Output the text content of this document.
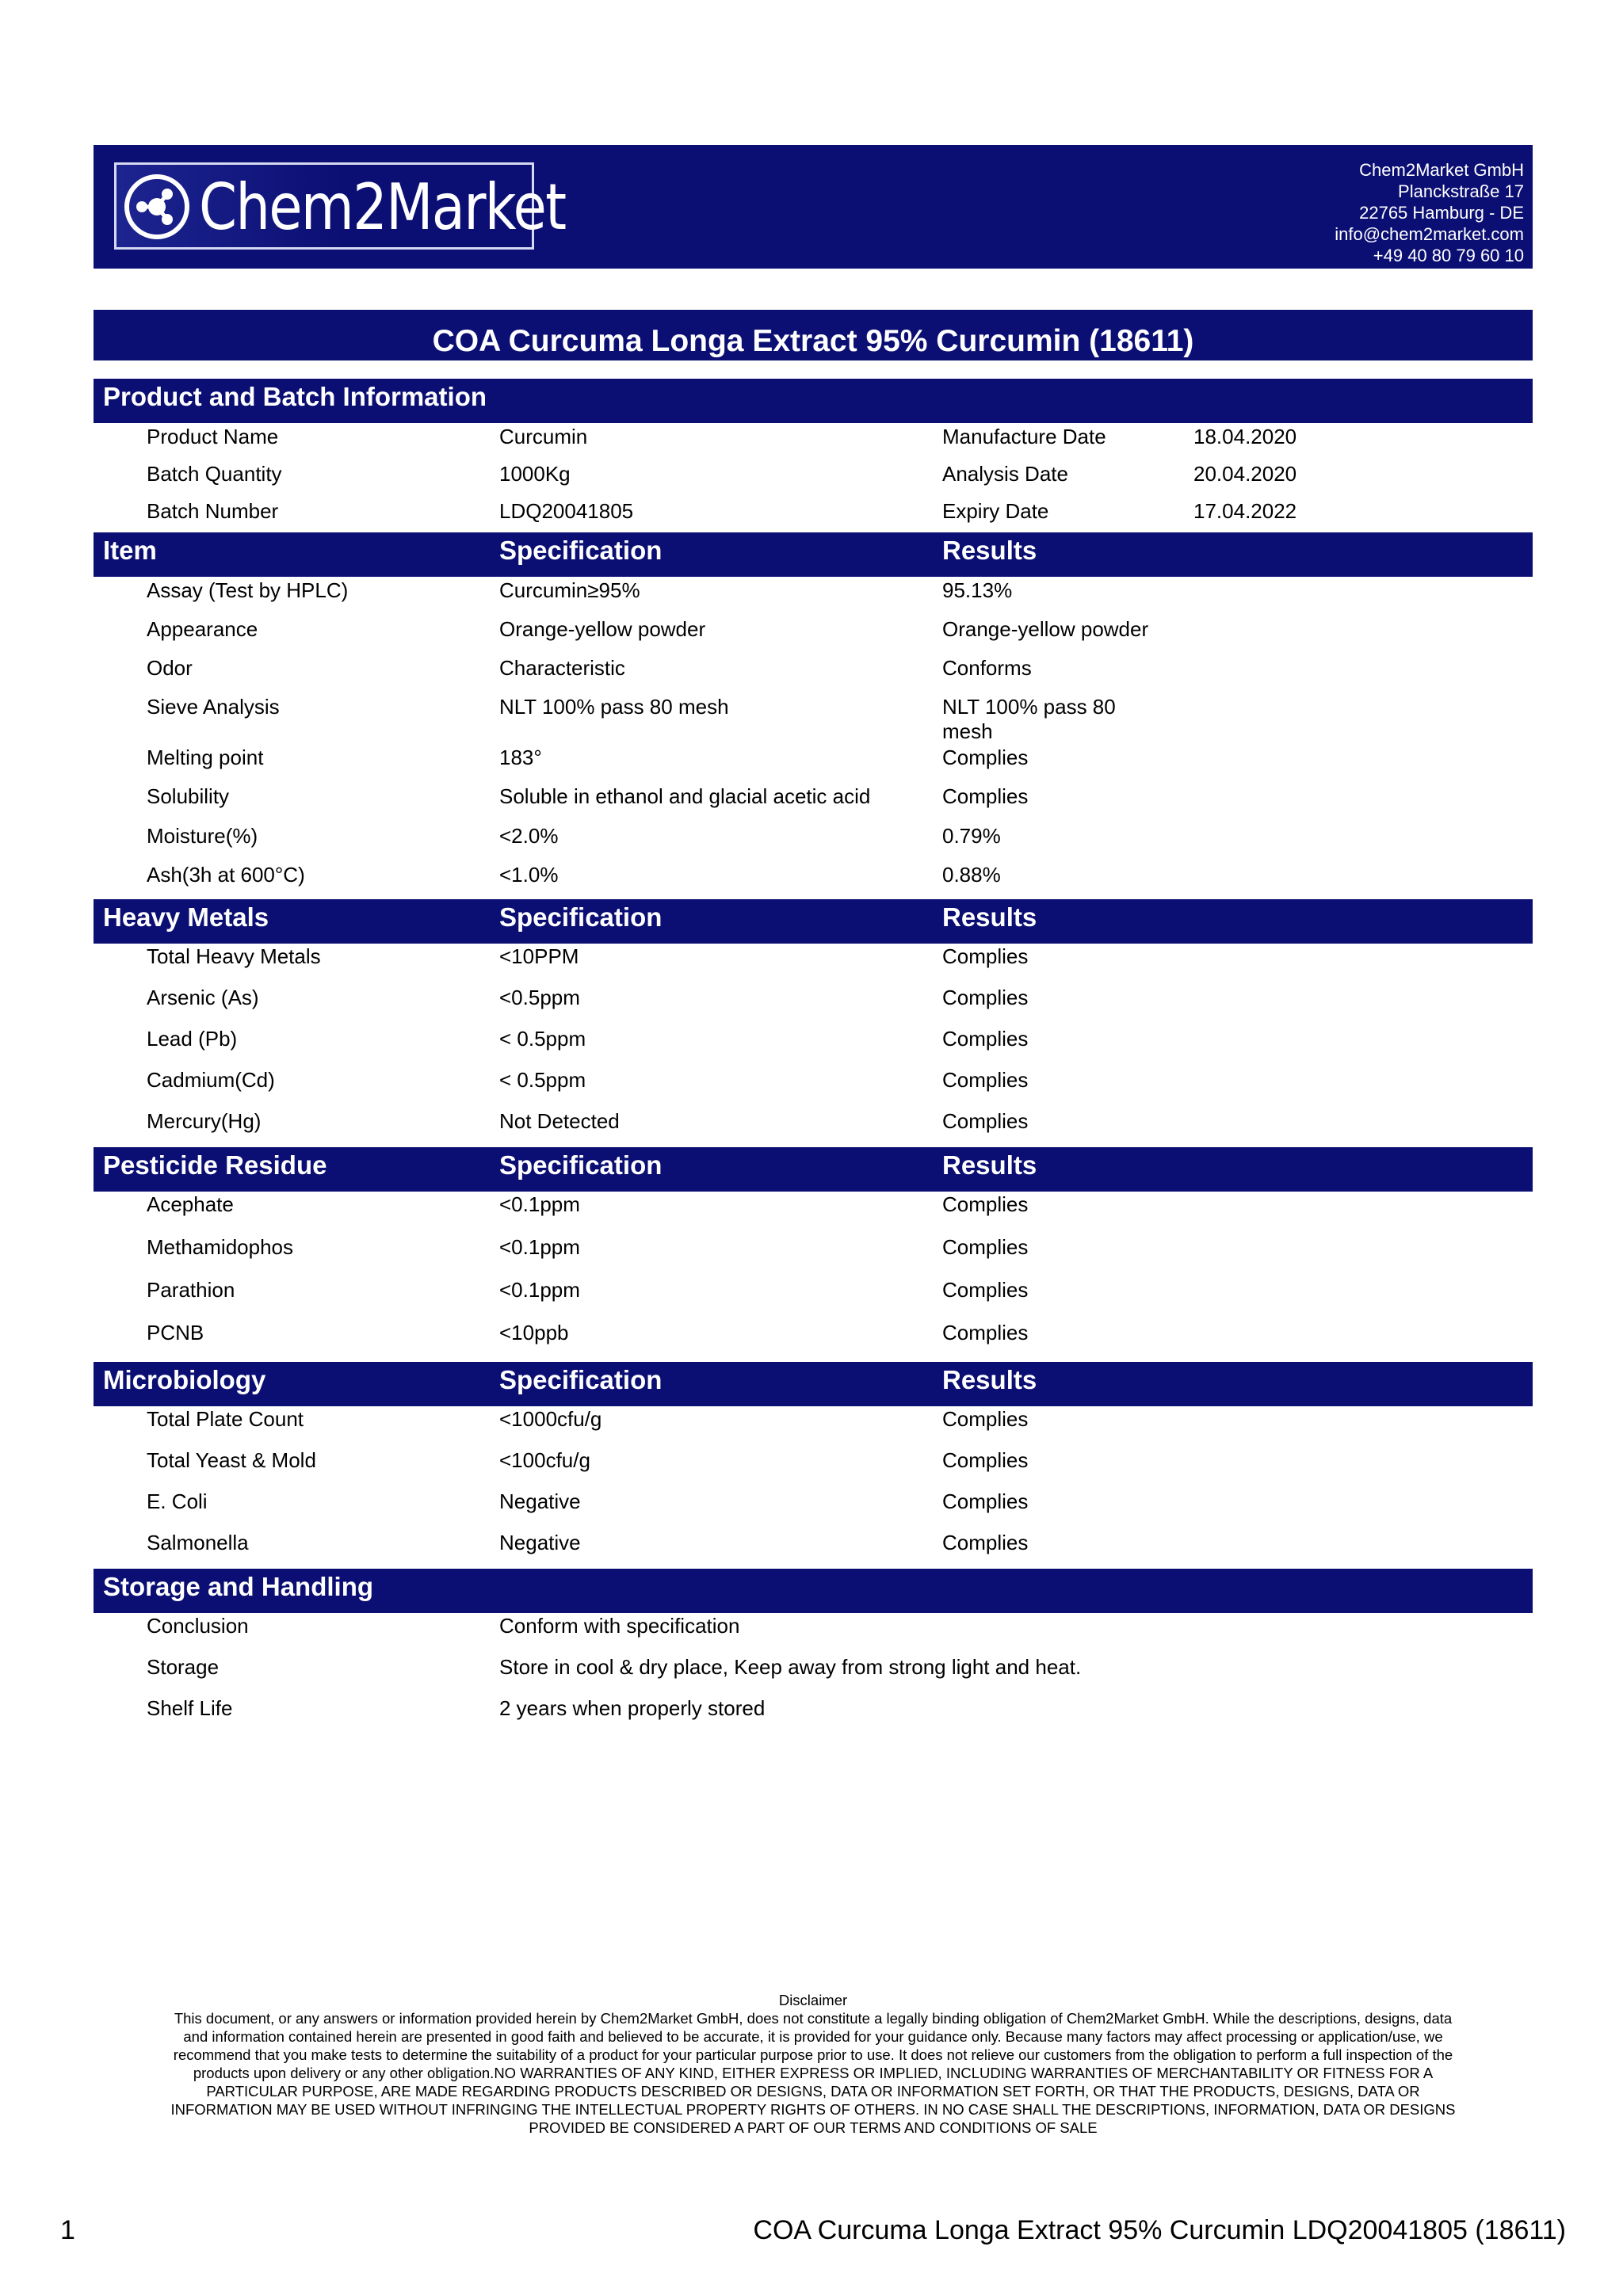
Chem2Market
Chem2Market GmbH
Planckstraße 17
22765 Hamburg - DE
info@chem2market.com
+49 40 80 79 60 10
COA Curcuma Longa Extract 95% Curcumin (18611)
Product and Batch Information
Product Name	Curcumin	Manufacture Date	18.04.2020
Batch Quantity	1000Kg	Analysis Date	20.04.2020
Batch Number	LDQ20041805	Expiry Date	17.04.2022
Item	Specification	Results
Assay (Test by HPLC)	Curcumin≥95%	95.13%
Appearance	Orange-yellow powder	Orange-yellow powder
Odor	Characteristic	Conforms
Sieve Analysis	NLT 100% pass 80 mesh	NLT 100% pass 80 mesh
Melting point	183°	Complies
Solubility	Soluble in ethanol and glacial acetic acid	Complies
Moisture(%)	<2.0%	0.79%
Ash(3h at 600°C)	<1.0%	0.88%
Heavy Metals	Specification	Results
Total Heavy Metals	<10PPM	Complies
Arsenic (As)	<0.5ppm	Complies
Lead (Pb)	< 0.5ppm	Complies
Cadmium(Cd)	< 0.5ppm	Complies
Mercury(Hg)	Not Detected	Complies
Pesticide Residue	Specification	Results
Acephate	<0.1ppm	Complies
Methamidophos	<0.1ppm	Complies
Parathion	<0.1ppm	Complies
PCNB	<10ppb	Complies
Microbiology	Specification	Results
Total Plate Count	<1000cfu/g	Complies
Total Yeast & Mold	<100cfu/g	Complies
E. Coli	Negative	Complies
Salmonella	Negative	Complies
Storage and Handling
Conclusion	Conform with specification
Storage	Store in cool & dry place, Keep away from strong light and heat.
Shelf Life	2 years when properly stored
Disclaimer
This document, or any answers or information provided herein by Chem2Market GmbH, does not constitute a legally binding obligation of Chem2Market GmbH. While the descriptions, designs, data
and information contained herein are presented in good faith and believed to be accurate, it is provided for your guidance only. Because many factors may affect processing or application/use, we
recommend that you make tests to determine the suitability of a product for your particular purpose prior to use. It does not relieve our customers from the obligation to perform a full inspection of the
products upon delivery or any other obligation.NO WARRANTIES OF ANY KIND, EITHER EXPRESS OR IMPLIED, INCLUDING WARRANTIES OF MERCHANTABILITY OR FITNESS FOR A
PARTICULAR PURPOSE, ARE MADE REGARDING PRODUCTS DESCRIBED OR DESIGNS, DATA OR INFORMATION SET FORTH, OR THAT THE PRODUCTS, DESIGNS, DATA OR
INFORMATION MAY BE USED WITHOUT INFRINGING THE INTELLECTUAL PROPERTY RIGHTS OF OTHERS. IN NO CASE SHALL THE DESCRIPTIONS, INFORMATION, DATA OR DESIGNS
PROVIDED BE CONSIDERED A PART OF OUR TERMS AND CONDITIONS OF SALE
1	COA Curcuma Longa Extract 95% Curcumin LDQ20041805 (18611)
